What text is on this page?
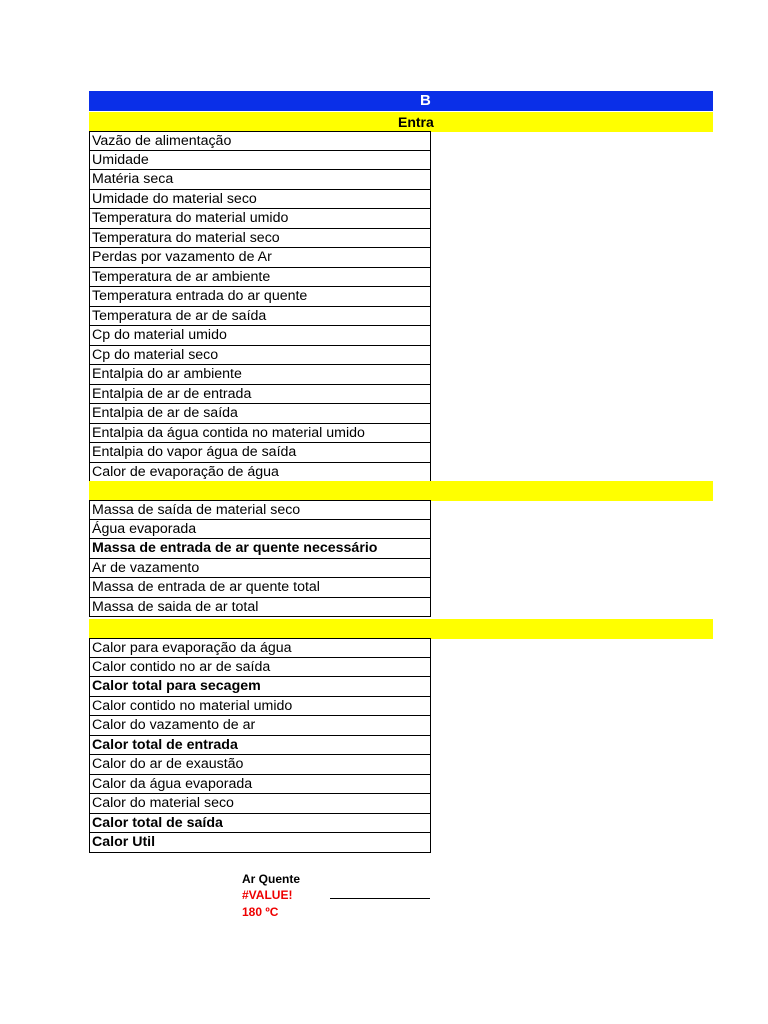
B
Entra
Vazão de alimentação
Umidade
Matéria seca
Umidade do material seco
Temperatura do material umido
Temperatura do material seco
Perdas por vazamento de Ar
Temperatura de ar ambiente
Temperatura entrada do ar quente
Temperatura de ar de saída
Cp do material umido
Cp do material seco
Entalpia do ar ambiente
Entalpia de ar de entrada
Entalpia de ar de saída
Entalpia da água contida no material umido
Entalpia do vapor água de saída
Calor de evaporação de água
Massa de saída de material seco
Água evaporada
Massa de entrada de ar quente necessário
Ar de vazamento
Massa de entrada de ar quente total
Massa de saida de ar total
Calor para evaporação da água
Calor contido no ar de saída
Calor total para secagem
Calor contido no material umido
Calor do vazamento de ar
Calor total de entrada
Calor do ar de exaustão
Calor da água evaporada
Calor do material seco
Calor total de saída
Calor Util
Ar Quente
#VALUE!
180 ºC
